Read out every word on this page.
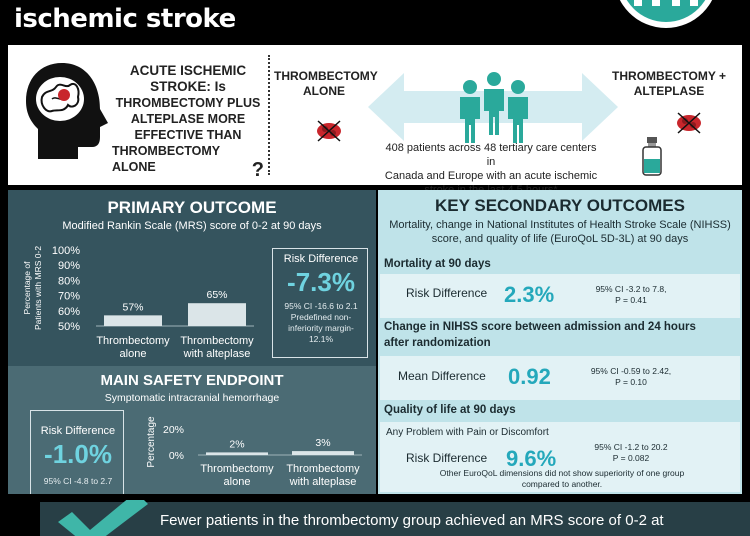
ischemic stroke
ACUTE ISCHEMIC
STROKE: Is
THROMBECTOMY PLUS
ALTEPLASE MORE
EFFECTIVE THAN
THROMBECTOMY ALONE	?
THROMBECTOMY
ALONE
408 patients across 48 tertiary care centers in
Canada and Europe with an acute ischemic
THROMBECTOMY +
ALTEPLASE
PRIMARY OUTCOME
Modified Rankin Scale (MRS) score of 0-2 at 90 days
Percentage of Patients with MRS 0-2 100%
90%
80%
70%
60%
50%
57%
Thrombectomy
alone
65%
Thrombectomy
with alteplase
Risk Difference
-7.3%
95% CI -16.6 to 2.1
Predefined non-
inferiority margin-
12.1%
MAIN SAFETY ENDPOINT
Symptomatic intracranial hemorrhage
Risk Difference
-1.0%
95% CI -4.8 to 2.7
Percentage 20%
0%
2%
Thrombectomy
alone
3%
Thrombectomy
with alteplase
KEY SECONDARY OUTCOMES
Mortality, change in National Institutes of Health Stroke Scale (NIHSS)
score, and quality of life (EuroQoL 5D-3L) at 90 days
Mortality at 90 days
Risk Difference 2.3%	95% CI -3.2 to 7.8,
P = 0.41
Change in NIHSS score between admission and 24 hours
after randomization
Mean Difference 0.92	95% CI -0.59 to 2.42,
P = 0.10
Quality of life at 90 days
Any Problem with Pain or Discomfort
Risk Difference 9.6%	95% CI -1.2 to 20.2
P = 0.082
Other EuroQoL dimensions did not show superiority of one group
compared to another.
Fewer patients in the thrombectomy group achieved an MRS score of 0-2 at
